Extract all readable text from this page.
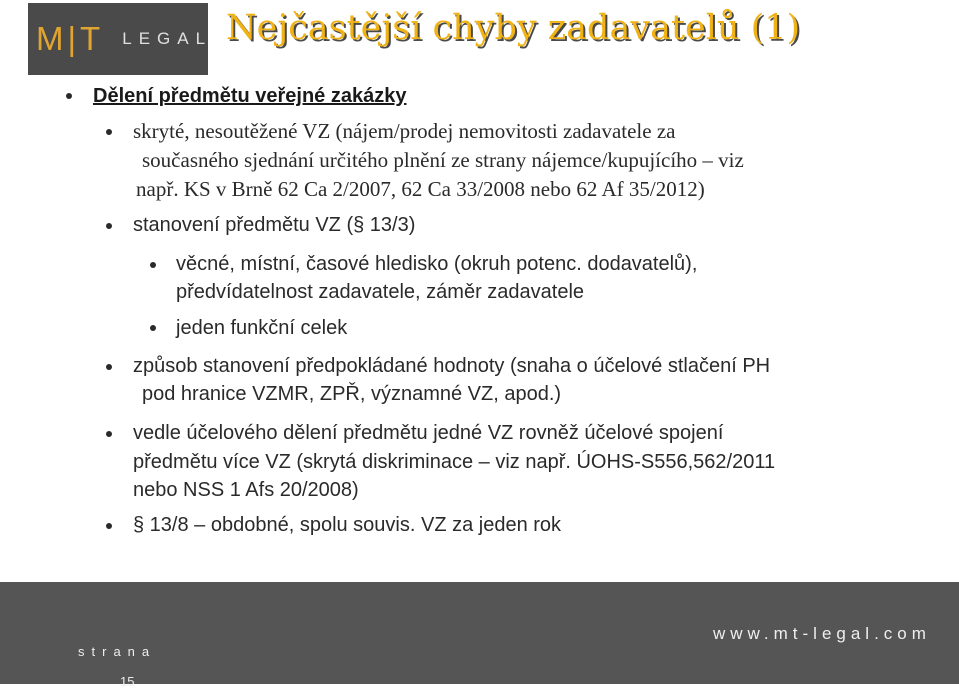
M|T LEGAL Nejčastější chyby zadavatelů (1)
Dělení předmětu veřejné zakázky
skryté, nesoutěžené VZ (nájem/prodej nemovitosti zadavatele za
současného sjednání určitého plnění ze strany nájemce/kupujícího – viz
např. KS v Brně 62 Ca 2/2007, 62 Ca 33/2008 nebo 62 Af 35/2012)
stanovení předmětu VZ (§ 13/3)
věcné, místní, časové hledisko (okruh potenc. dodavatelů),
předvídatelnost zadavatele, záměr zadavatele
jeden funkční celek
způsob stanovení předpokládané hodnoty (snaha o účelové stlačení PH
pod hranice VZMR, ZPŘ, významné VZ, apod.)
vedle účelového dělení předmětu jedné VZ rovněž účelové spojení
předmětu více VZ (skrytá diskriminace – viz např. ÚOHS-S556,562/2011
nebo NSS 1 Afs 20/2008)
§ 13/8 – obdobné, spolu souvis. VZ za jeden rok
strana
15
www.mt-legal.com
